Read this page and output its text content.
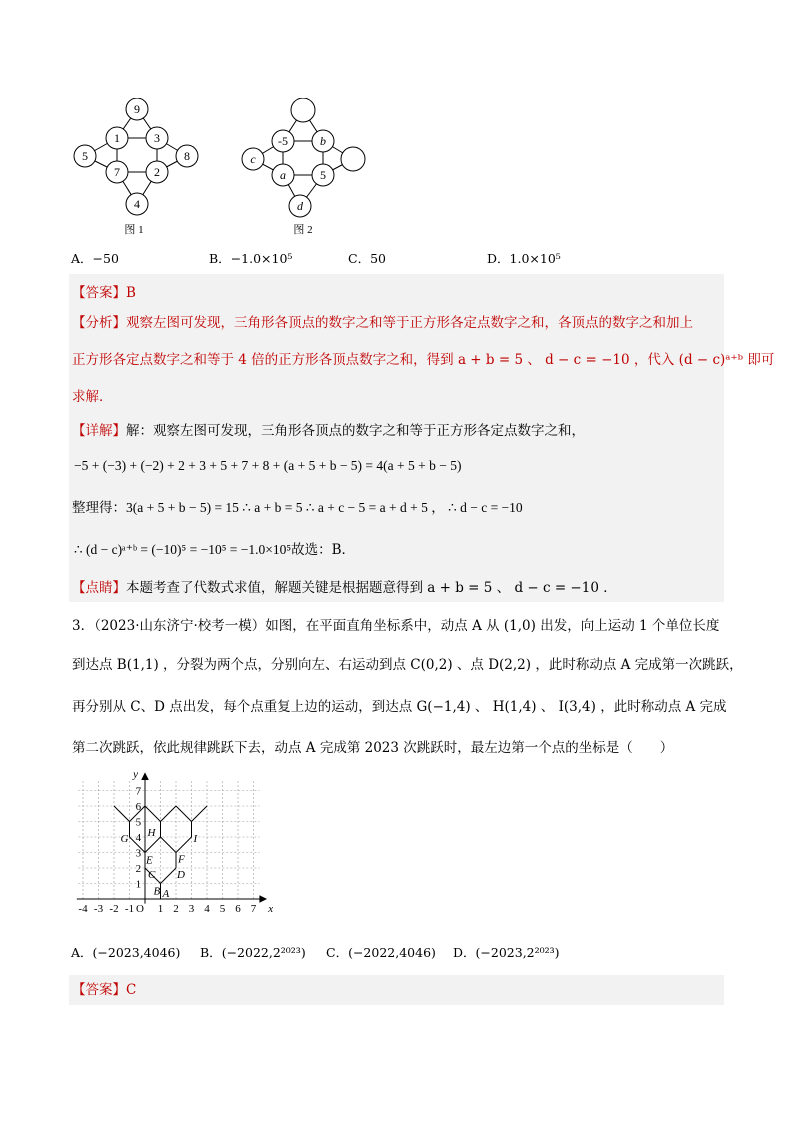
9
1	3
5	8
7	2
4
图 1
-5	b
c
a	5
d
图 2
A．−50	B．−1.0×10⁵	C．50	D．1.0×10⁵
【答案】B
【分析】观察左图可发现，三角形各顶点的数字之和等于正方形各定点数字之和，各顶点的数字之和加上
正方形各定点数字之和等于 4 倍的正方形各顶点数字之和，得到 a + b = 5 、 d − c = −10 ，代入 (d − c)ᵃ⁺ᵇ 即可
求解．
【详解】解：观察左图可发现，三角形各顶点的数字之和等于正方形各定点数字之和，
−5 + (−3) + (−2) + 2 + 3 + 5 + 7 + 8 + (a + 5 + b − 5) = 4(a + 5 + b − 5)
整理得：3(a + 5 + b − 5) = 15 ∴ a + b = 5 ∴ a + c − 5 = a + d + 5 ， ∴ d − c = −10
∴ (d − c)ᵃ⁺ᵇ = (−10)⁵ = −10⁵ = −1.0×10⁵故选：B．
【点睛】本题考查了代数式求值，解题关键是根据题意得到 a + b = 5 、 d − c = −10 ．
3．（2023·山东济宁·校考一模）如图，在平面直角坐标系中，动点 A 从 (1,0) 出发，向上运动 1 个单位长度
到达点 B(1,1) ，分裂为两个点，分别向左、右运动到点 C(0,2) 、点 D(2,2) ，此时称动点 A 完成第一次跳跃，
再分别从 C、D 点出发，每个点重复上边的运动，到达点 G(−1,4) 、 H(1,4) 、 I(3,4) ，此时称动点 A 完成
第二次跳跃，依此规律跳跃下去，动点 A 完成第 2023 次跳跃时，最左边第一个点的坐标是（　　）
7
6
5
4
3
2
1
-4 -3 -2 -1 O 1 2 3 4 5 6 7 x
y
A
B
C D
E F
G H	I
A．(−2023,4046) B．(−2022,2²⁰²³) C．(−2022,4046) D．(−2023,2²⁰²³)
【答案】C
